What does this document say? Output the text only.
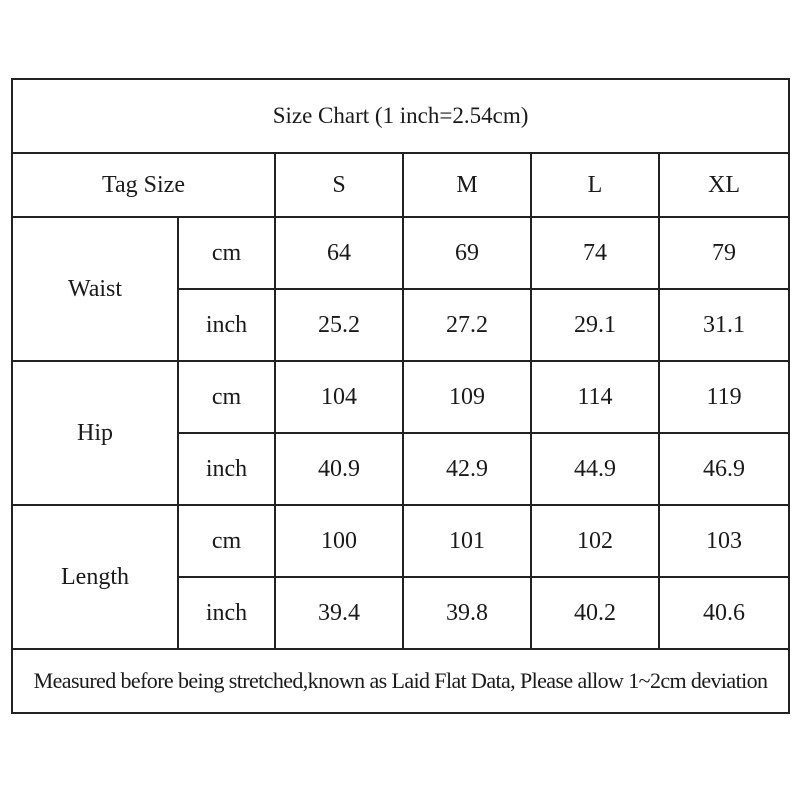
Size Chart (1 inch=2.54cm)					
Tag Size		S	M	L	XL
Waist	cm	64	69	74	79
	inch	25.2	27.2	29.1	31.1
Hip	cm	104	109	114	119
	inch	40.9	42.9	44.9	46.9
Length	cm	100	101	102	103
	inch	39.4	39.8	40.2	40.6
Measured before being stretched,known as Laid Flat Data, Please allow 1~2cm deviation					
